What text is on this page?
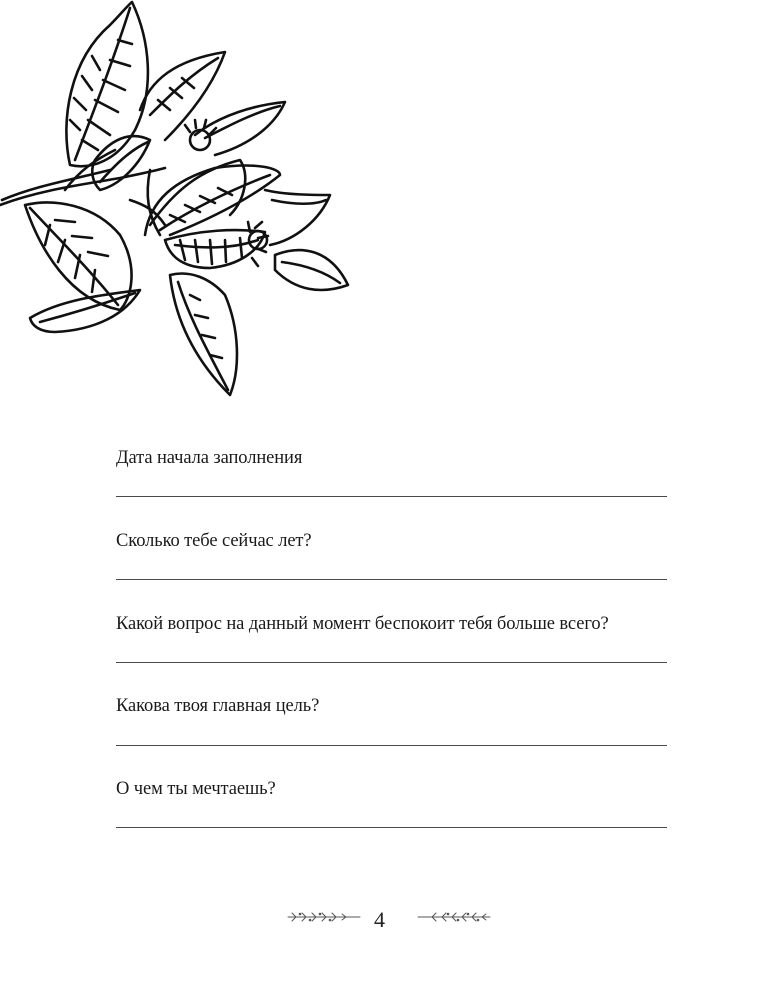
Дата начала заполнения
Сколько тебе сейчас лет?
Какой вопрос на данный момент беспокоит тебя больше всего?
Какова твоя главная цель?
О чем ты мечтаешь?
4
